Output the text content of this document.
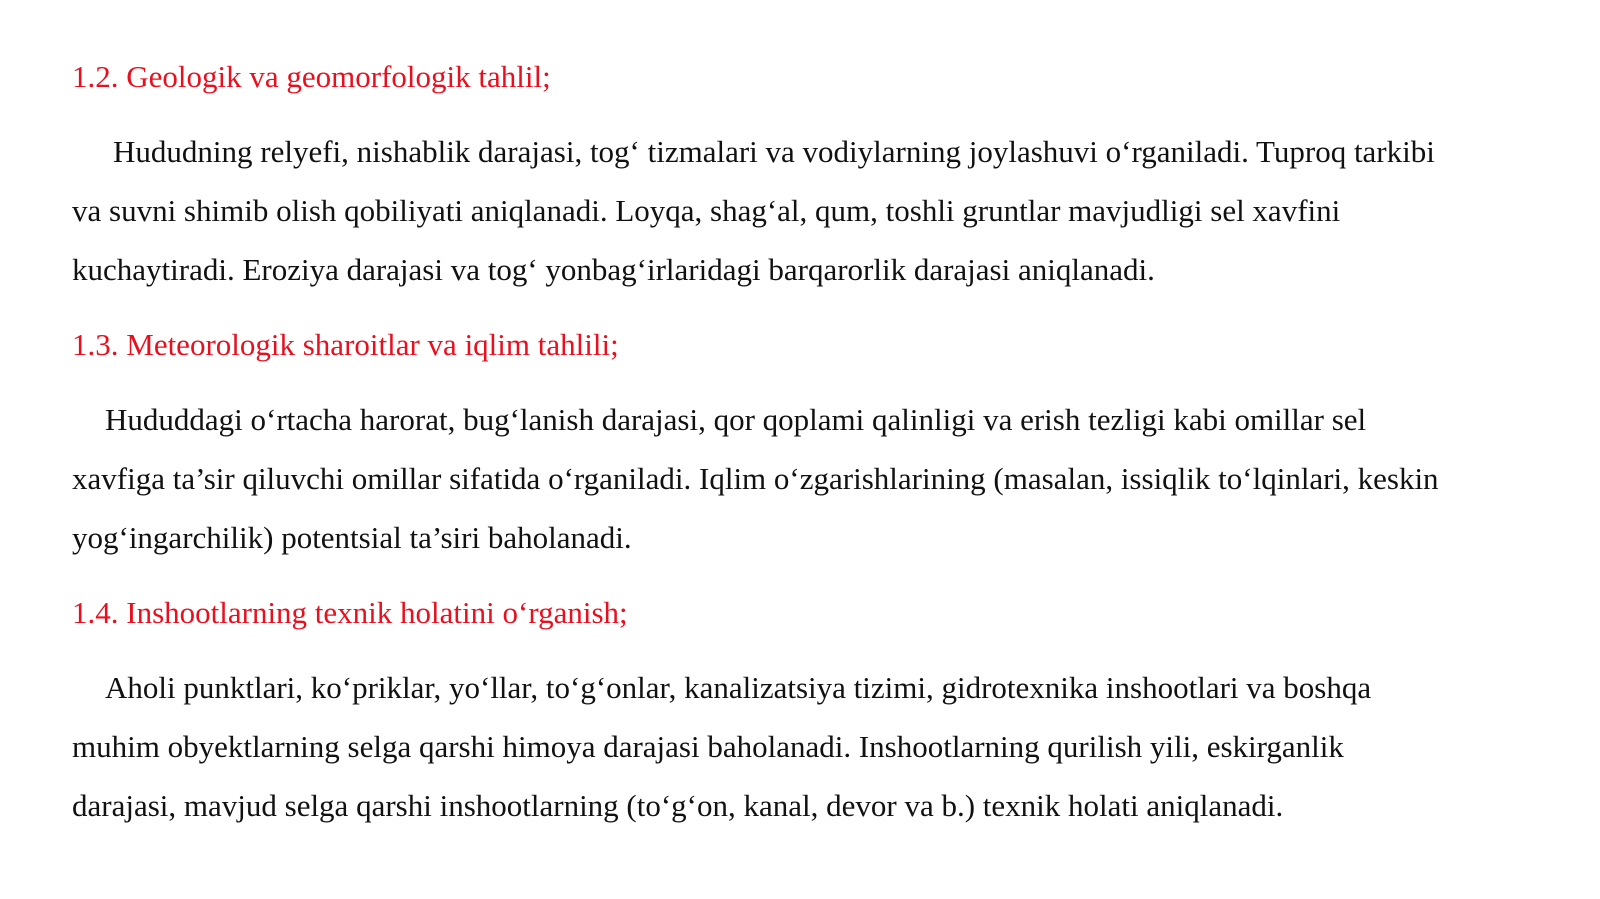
1.2. Geologik va geomorfologik tahlil;
Hududning relyefi, nishablik darajasi, tog‘ tizmalari va vodiylarning joylashuvi o‘rganiladi. Tuproq tarkibi
va suvni shimib olish qobiliyati aniqlanadi. Loyqa, shag‘al, qum, toshli gruntlar mavjudligi sel xavfini
kuchaytiradi. Eroziya darajasi va tog‘ yonbag‘irlaridagi barqarorlik darajasi aniqlanadi.
1.3. Meteorologik sharoitlar va iqlim tahlili;
Hududdagi o‘rtacha harorat, bug‘lanish darajasi, qor qoplami qalinligi va erish tezligi kabi omillar sel
xavfiga ta’sir qiluvchi omillar sifatida o‘rganiladi. Iqlim o‘zgarishlarining (masalan, issiqlik to‘lqinlari, keskin
yog‘ingarchilik) potentsial ta’siri baholanadi.
1.4. Inshootlarning texnik holatini o‘rganish;
Aholi punktlari, ko‘priklar, yo‘llar, to‘g‘onlar, kanalizatsiya tizimi, gidrotexnika inshootlari va boshqa
muhim obyektlarning selga qarshi himoya darajasi baholanadi. Inshootlarning qurilish yili, eskirganlik
darajasi, mavjud selga qarshi inshootlarning (to‘g‘on, kanal, devor va b.) texnik holati aniqlanadi.
